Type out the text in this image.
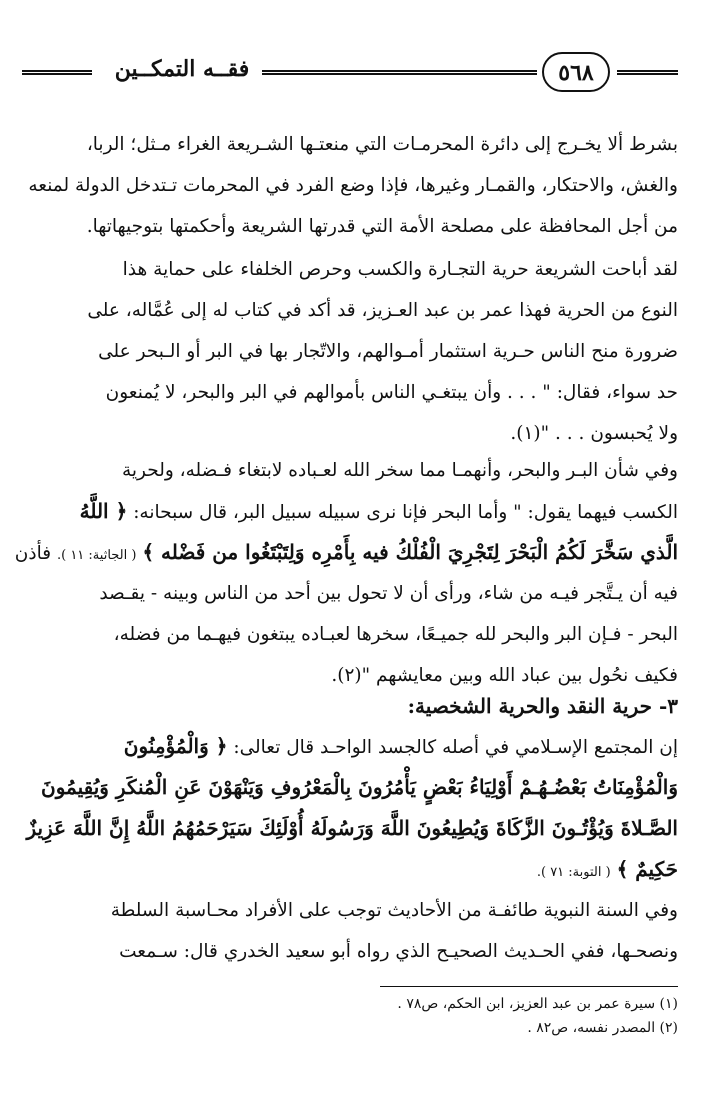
فقــه التمكــين	٥٦٨
بشرط ألا يخـرج إلى دائرة المحرمـات التي منعتـها الشـريعة الغراء مـثل؛ الربا،
والغش، والاحتكار، والقمـار وغيرها، فإذا وضع الفرد في المحرمات تـتدخل الدولة لمنعه
من أجل المحافظة على مصلحة الأمة التي قدرتها الشريعة وأحكمتها بتوجيهاتها.
لقد أباحت الشريعة حرية التجـارة والكسب وحرص الخلفاء على حماية هذا
النوع من الحرية فهذا عمر بن عبد العـزيز، قد أكد في كتاب له إلى عُمَّاله، على
ضرورة منح الناس حـرية استثمار أمـوالهم، والاتّجار بها في البر أو الـبحر على
حد سواء، فقال: " . . . وأن يبتغـي الناس بأموالهم في البر والبحر، لا يُمنعون
ولا يُحبسون . . . "(١).
وفي شأن البـر والبحر، وأنهمـا مما سخر الله لعـباده لابتغاء فـضله، ولحرية
الكسب فيهما يقول: " وأما البحر فإنا نرى سبيله سبيل البر، قال سبحانه: ﴿ اللَّهُ
الَّذي سَخَّرَ لَكُمُ الْبَحْرَ لِتَجْرِيَ الْفُلْكُ فيه بِأَمْرِه وَلِتَبْتَغُوا من فَضْله ﴾ ( الجاثية: ١١ ). فأذن
فيه أن يـتَّجر فيـه من شاء، ورأى أن لا تحول بين أحد من الناس وبينه - يقـصد
البحر - فـإن البر والبحر لله جميـعًا، سخرها لعبـاده يبتغون فيهـما من فضله،
فكيف نحُول بين عباد الله وبين معايشهم "(٢).
٣- حرية النقد والحرية الشخصية:
إن المجتمع الإسـلامي في أصله كالجسد الواحـد قال تعالى: ﴿ وَالْمُؤْمِنُونَ
وَالْمُؤْمِنَاتُ بَعْضُـهُـمْ أَوْلِيَاءُ بَعْضٍ يَأْمُرُونَ بِالْمَعْرُوفِ وَيَنْهَوْنَ عَنِ الْمُنكَرِ وَيُقِيمُونَ
الصَّـلاةَ وَيُؤْتُـونَ الزَّكَاةَ وَيُطِيعُونَ اللَّهَ وَرَسُولَهُ أُوْلَئِكَ سَيَرْحَمُهُمُ اللَّهُ إِنَّ اللَّهَ عَزِيزٌ
حَكِيمٌ ﴾ ( التوبة: ٧١ ).
وفي السنة النبوية طائفـة من الأحاديث توجب على الأفراد محـاسبة السلطة
ونصحـها، ففي الحـديث الصحيـح الذي رواه أبو سعيد الخدري قال: سـمعت
(١) سيرة عمر بن عبد العزيز، ابن الحكم، ص٧٨ .
(٢) المصدر نفسه، ص٨٢ .
